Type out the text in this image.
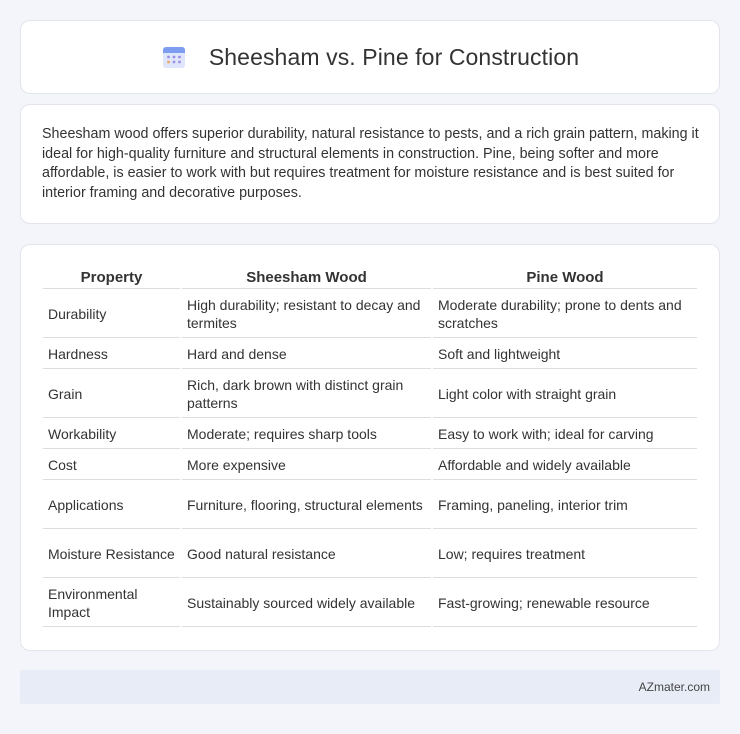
Sheesham vs. Pine for Construction

Sheesham wood offers superior durability, natural resistance to pests, and a rich grain pattern, making it ideal for high-quality furniture and structural elements in construction. Pine, being softer and more affordable, is easier to work with but requires treatment for moisture resistance and is best suited for interior framing and decorative purposes.

Property	Sheesham Wood	Pine Wood
Durability	High durability; resistant to decay and termites	Moderate durability; prone to dents and scratches
Hardness	Hard and dense	Soft and lightweight
Grain	Rich, dark brown with distinct grain patterns	Light color with straight grain
Workability	Moderate; requires sharp tools	Easy to work with; ideal for carving
Cost	More expensive	Affordable and widely available
Applications	Furniture, flooring, structural elements	Framing, paneling, interior trim
Moisture Resistance	Good natural resistance	Low; requires treatment
Environmental Impact	Sustainably sourced widely available	Fast-growing; renewable resource
AZmater.com
